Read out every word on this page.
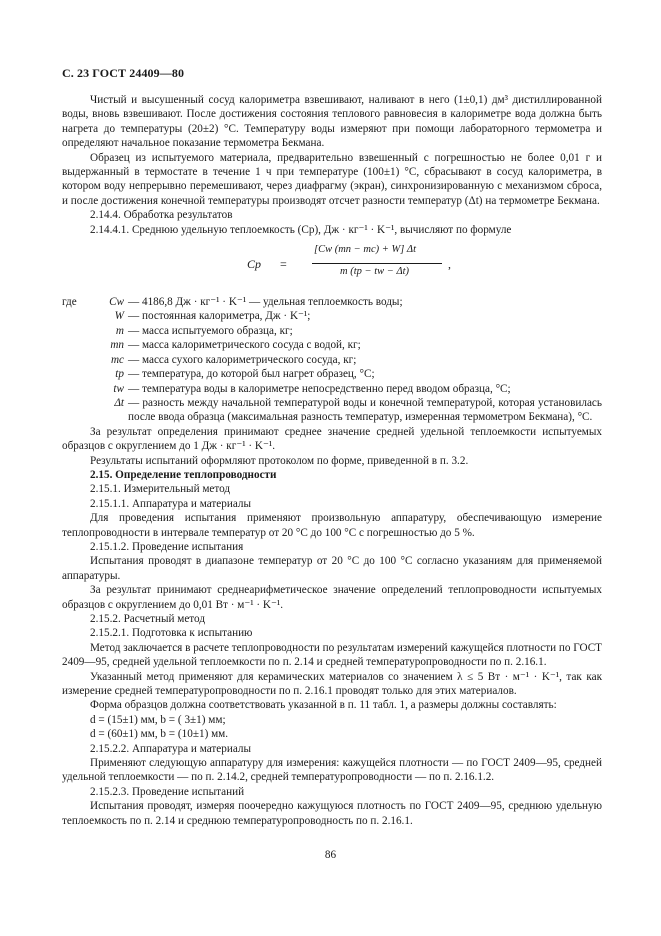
С. 23 ГОСТ 24409—80

Чистый и высушенный сосуд калориметра взвешивают, наливают в него (1±0,1) дм³ дистиллированной воды, вновь взвешивают. После достижения состояния теплового равновесия в калориметре вода должна быть нагрета до температуры (20±2) °С. Температуру воды измеряют при помощи лабораторного термометра и определяют начальное показание термометра Бекмана.

Образец из испытуемого материала, предварительно взвешенный с погрешностью не более 0,01 г и выдержанный в термостате в течение 1 ч при температуре (100±1) °С, сбрасывают в сосуд калориметра, в котором воду непрерывно перемешивают, через диафрагму (экран), синхронизированную с механизмом сброса, и после достижения конечной температуры производят отсчет разности температур (Δt) на термометре Бекмана.

2.14.4. Обработка результатов

2.14.4.1. Среднюю удельную теплоемкость (Cp), Дж · кг⁻¹ · K⁻¹, вычисляют по формуле

Cp =
[Cw (mn − mc) + W] Δt
m (tp − tw − Δt)
,
где	Cw — 4186,8 Дж · кг⁻¹ · K⁻¹ — удельная теплоемкость воды;
W — постоянная калориметра, Дж · K⁻¹;
m — масса испытуемого образца, кг;
mn — масса калориметрического сосуда с водой, кг;
mc — масса сухого калориметрического сосуда, кг;
tp — температура, до которой был нагрет образец, °С;
tw — температура воды в калориметре непосредственно перед вводом образца, °С;
Δt — разность между начальной температурой воды и конечной температурой, которая установилась после ввода образца (максимальная разность температур, измеренная термометром Бекмана), °С.

За результат определения принимают среднее значение средней удельной теплоемкости испытуемых образцов с округлением до 1 Дж · кг⁻¹ · K⁻¹.

Результаты испытаний оформляют протоколом по форме, приведенной в п. 3.2.

2.15. Определение теплопроводности

2.15.1. Измерительный метод

2.15.1.1. Аппаратура и материалы

Для проведения испытания применяют произвольную аппаратуру, обеспечивающую измерение теплопроводности в интервале температур от 20 °С до 100 °С с погрешностью до 5 %.

2.15.1.2. Проведение испытания

Испытания проводят в диапазоне температур от 20 °С до 100 °С согласно указаниям для применяемой аппаратуры.

За результат принимают среднеарифметическое значение определений теплопроводности испытуемых образцов с округлением до 0,01 Вт · м⁻¹ · K⁻¹.

2.15.2. Расчетный метод

2.15.2.1. Подготовка к испытанию

Метод заключается в расчете теплопроводности по результатам измерений кажущейся плотности по ГОСТ 2409—95, средней удельной теплоемкости по п. 2.14 и средней температуропроводности по п. 2.16.1.

Указанный метод применяют для керамических материалов со значением λ ≤ 5 Вт · м⁻¹ · K⁻¹, так как измерение средней температуропроводности по п. 2.16.1 проводят только для этих материалов.

Форма образцов должна соответствовать указанной в п. 11 табл. 1, а размеры должны составлять:

d = (15±1) мм, b = ( 3±1) мм;

d = (60±1) мм, b = (10±1) мм.

2.15.2.2. Аппаратура и материалы

Применяют следующую аппаратуру для измерения: кажущейся плотности — по ГОСТ 2409—95, средней удельной теплоемкости — по п. 2.14.2, средней температуропроводности — по п. 2.16.1.2.

2.15.2.3. Проведение испытаний

Испытания проводят, измеряя поочередно кажущуюся плотность по ГОСТ 2409—95, среднюю удельную теплоемкость по п. 2.14 и среднюю температуропроводность по п. 2.16.1.

86
